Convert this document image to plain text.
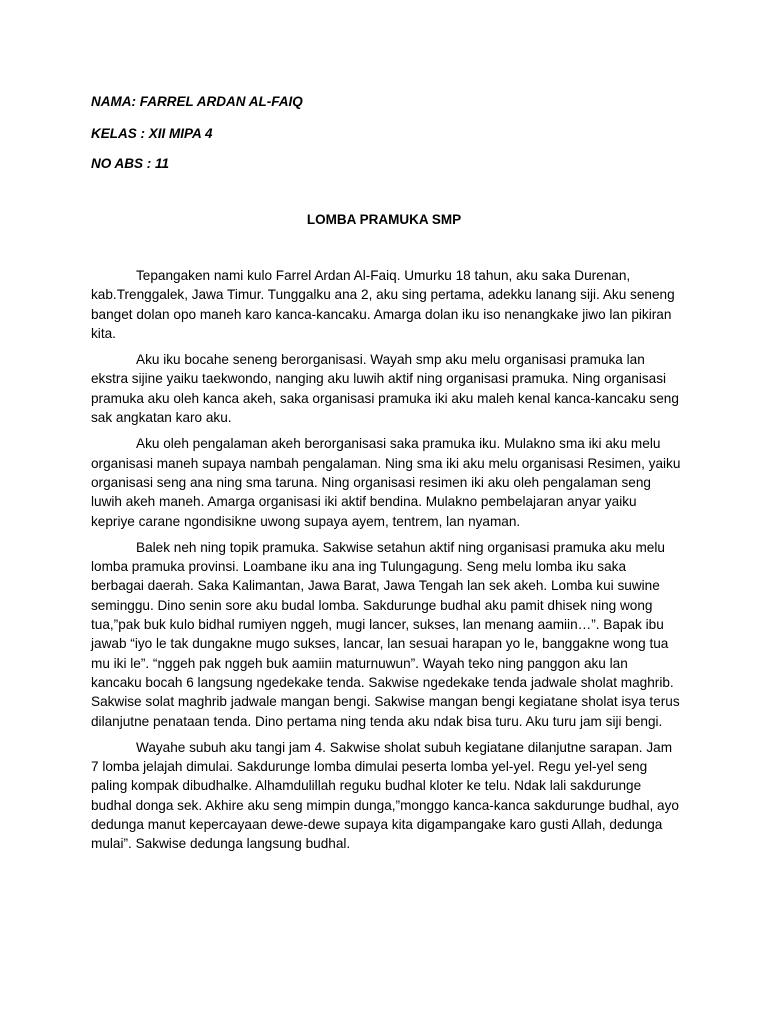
NAMA: FARREL ARDAN AL-FAIQ
KELAS : XII MIPA 4
NO ABS : 11
LOMBA PRAMUKA SMP

Tepangaken nami kulo Farrel Ardan Al-Faiq. Umurku 18 tahun, aku saka Durenan, kab.Trenggalek, Jawa Timur. Tunggalku ana 2, aku sing pertama, adekku lanang siji. Aku seneng banget dolan opo maneh karo kanca-kancaku. Amarga dolan iku iso nenangkake jiwo lan pikiran kita.

Aku iku bocahe seneng berorganisasi. Wayah smp aku melu organisasi pramuka lan ekstra sijine yaiku taekwondo, nanging aku luwih aktif ning organisasi pramuka. Ning organisasi pramuka aku oleh kanca akeh, saka organisasi pramuka iki aku maleh kenal kanca-kancaku seng sak angkatan karo aku.

Aku oleh pengalaman akeh berorganisasi saka pramuka iku. Mulakno sma iki aku melu organisasi maneh supaya nambah pengalaman. Ning sma iki aku melu organisasi Resimen, yaiku organisasi seng ana ning sma taruna. Ning organisasi resimen iki aku oleh pengalaman seng luwih akeh maneh. Amarga organisasi iki aktif bendina. Mulakno pembelajaran anyar yaiku kepriye carane ngondisikne uwong supaya ayem, tentrem, lan nyaman.

Balek neh ning topik pramuka. Sakwise setahun aktif ning organisasi pramuka aku melu lomba pramuka provinsi. Loambane iku ana ing Tulungagung. Seng melu lomba iku saka berbagai daerah. Saka Kalimantan, Jawa Barat, Jawa Tengah lan sek akeh. Lomba kui suwine seminggu. Dino senin sore aku budal lomba. Sakdurunge budhal aku pamit dhisek ning wong tua,”pak buk kulo bidhal rumiyen nggeh, mugi lancer, sukses, lan menang aamiin…”. Bapak ibu jawab “iyo le tak dungakne mugo sukses, lancar, lan sesuai harapan yo le, banggakne wong tua mu iki le”. “nggeh pak nggeh buk aamiin maturnuwun”. Wayah teko ning panggon aku lan kancaku bocah 6 langsung ngedekake tenda. Sakwise ngedekake tenda jadwale sholat maghrib. Sakwise solat maghrib jadwale mangan bengi. Sakwise mangan bengi kegiatane sholat isya terus dilanjutne penataan tenda. Dino pertama ning tenda aku ndak bisa turu. Aku turu jam siji bengi.

Wayahe subuh aku tangi jam 4. Sakwise sholat subuh kegiatane dilanjutne sarapan. Jam 7 lomba jelajah dimulai. Sakdurunge lomba dimulai peserta lomba yel-yel. Regu yel-yel seng paling kompak dibudhalke. Alhamdulillah reguku budhal kloter ke telu. Ndak lali sakdurunge budhal donga sek. Akhire aku seng mimpin dunga,”monggo kanca-kanca sakdurunge budhal, ayo dedunga manut kepercayaan dewe-dewe supaya kita digampangake karo gusti Allah, dedunga mulai”. Sakwise dedunga langsung budhal.
